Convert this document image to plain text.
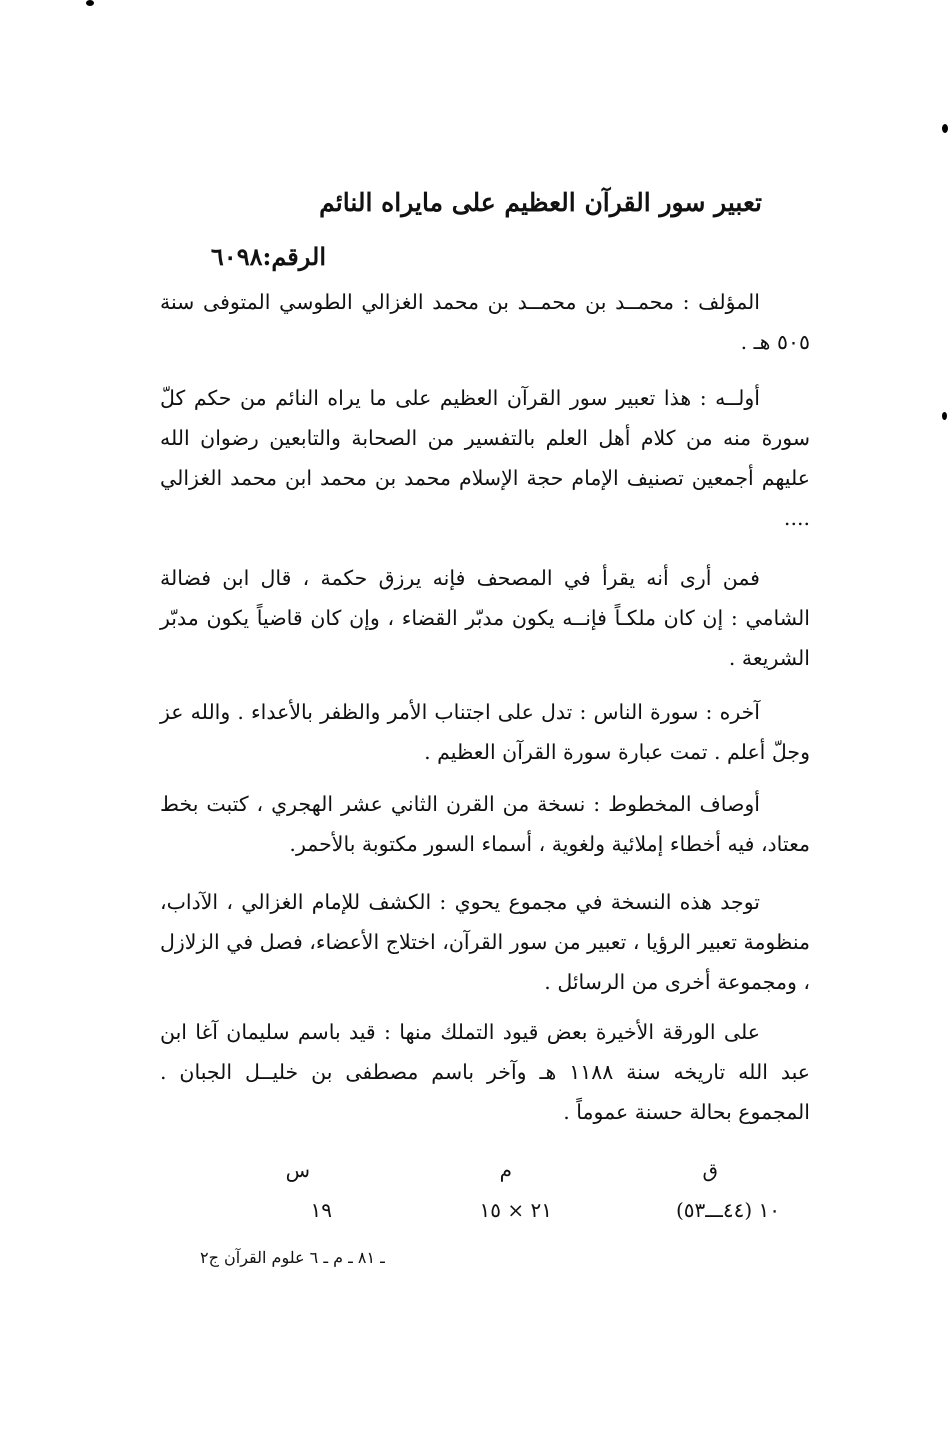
تعبير سور القرآن العظيم على مايراه النائم
الرقم:٦٠٩٨

المؤلف : محمــد بن محمــد بن محمد الغزالي الطوسي المتوفى سنة ٥٠٥ هـ .

أولــه : هذا تعبير سور القرآن العظيم على ما يراه النائم من حكم كلّ سورة منه من كلام أهل العلم بالتفسير من الصحابة والتابعين رضوان الله عليهم أجمعين تصنيف الإمام حجة الإسلام محمد بن محمد ابن محمد الغزالي ....

فمن أرى أنه يقرأ في المصحف فإنه يرزق حكمة ، قال ابن فضالة الشامي : إن كان ملكـاً فإنــه يكون مدبّر القضاء ، وإن كان قاضياً يكون مدبّر الشريعة .

آخره : سورة الناس : تدل على اجتناب الأمر والظفر بالأعداء . والله عز وجلّ أعلم . تمت عبارة سورة القرآن العظيم .

أوصاف المخطوط : نسخة من القرن الثاني عشر الهجري ، كتبت بخط معتاد، فيه أخطاء إملائية ولغوية ، أسماء السور مكتوبة بالأحمر.

توجد هذه النسخة في مجموع يحوي : الكشف للإمام الغزالي ، الآداب، منظومة تعبير الرؤيا ، تعبير من سور القرآن، اختلاج الأعضاء، فصل في الزلازل ، ومجموعة أخرى من الرسائل .

على الورقة الأخيرة بعض قيود التملك منها : قيد باسم سليمان آغا ابن عبد الله تاريخه سنة ١١٨٨ هـ وآخر باسم مصطفى بن خليــل الجبان . المجموع بحالة حسنة عموماً .

ق
١٠ (٤٤ـــ٥٣)
م
٢١ × ١٥
س
١٩
ـ ٨١ ـ م ـ ٦ علوم القرآن ج٢
